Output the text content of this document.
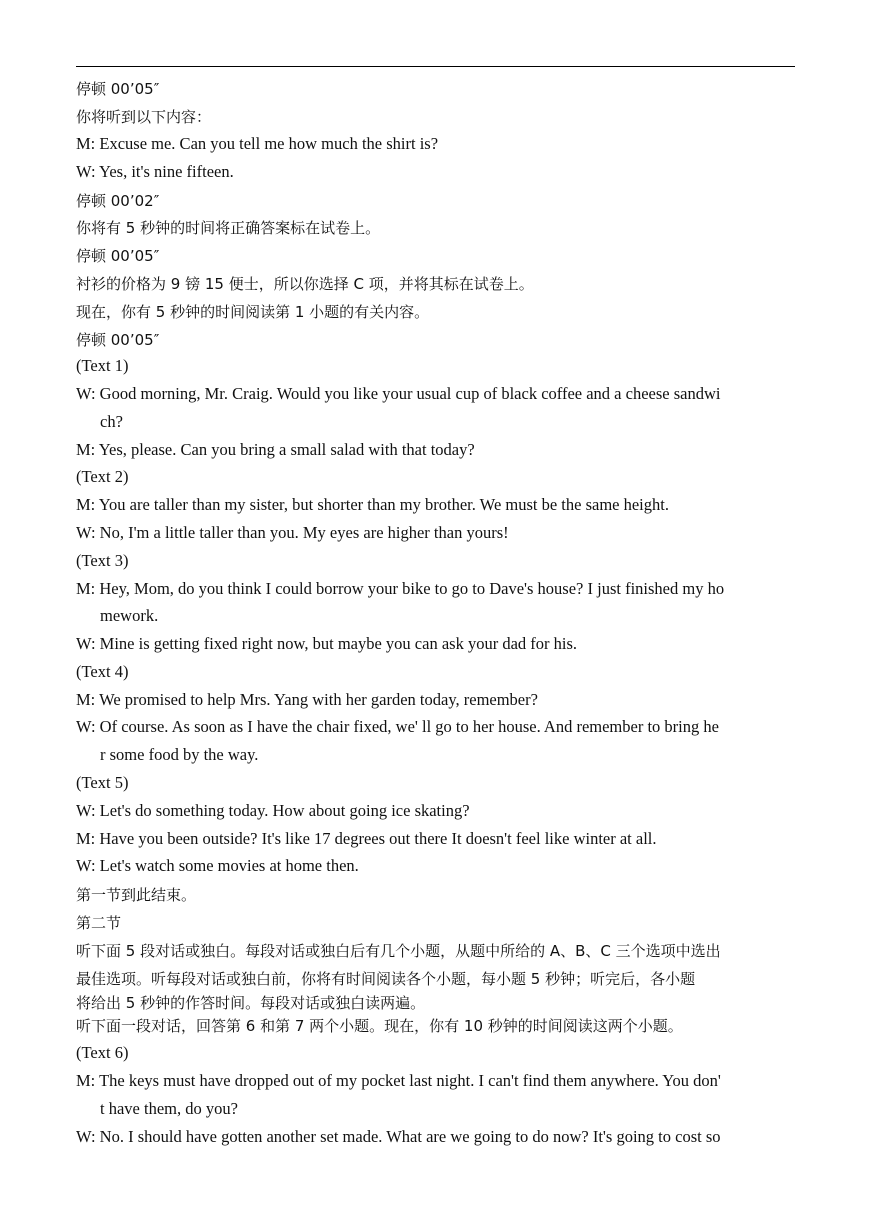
停顿 00’05″
你将听到以下内容：
M: Excuse me. Can you tell me how much the shirt is?
W: Yes, it's nine fifteen.
停顿 00’02″
你将有 5 秒钟的时间将正确答案标在试卷上。
停顿 00’05″
衬衫的价格为 9 镑 15 便士，所以你选择 C 项，并将其标在试卷上。
现在，你有 5 秒钟的时间阅读第 1 小题的有关内容。
停顿 00’05″
(Text 1)
W: Good morning, Mr. Craig. Would you like your usual cup of black coffee and a cheese sandwi
ch?
M: Yes, please. Can you bring a small salad with that today?
(Text 2)
M: You are taller than my sister, but shorter than my brother. We must be the same height.
W: No, I'm a little taller than you. My eyes are higher than yours!
(Text 3)
M: Hey, Mom, do you think I could borrow your bike to go to Dave's house? I just finished my ho
mework.
W: Mine is getting fixed right now, but maybe you can ask your dad for his.
(Text 4)
M: We promised to help Mrs. Yang with her garden today, remember?
W: Of course. As soon as I have the chair fixed, we' ll go to her house. And remember to bring he
r some food by the way.
(Text 5)
W: Let's do something today. How about going ice skating?
M: Have you been outside? It's like 17 degrees out there It doesn't feel like winter at all.
W: Let's watch some movies at home then.
第一节到此结束。
第二节
听下面 5 段对话或独白。每段对话或独白后有几个小题，从题中所给的 A、B、C 三个选项中选出
最佳选项。听每段对话或独白前，你将有时间阅读各个小题，每小题 5 秒钟；听完后，各小题
将给出 5 秒钟的作答时间。每段对话或独白读两遍。
听下面一段对话，回答第 6 和第 7 两个小题。现在，你有 10 秒钟的时间阅读这两个小题。
(Text 6)
M: The keys must have dropped out of my pocket last night. I can't find them anywhere. You don'
t have them, do you?
W: No. I should have gotten another set made. What are we going to do now? It's going to cost so
